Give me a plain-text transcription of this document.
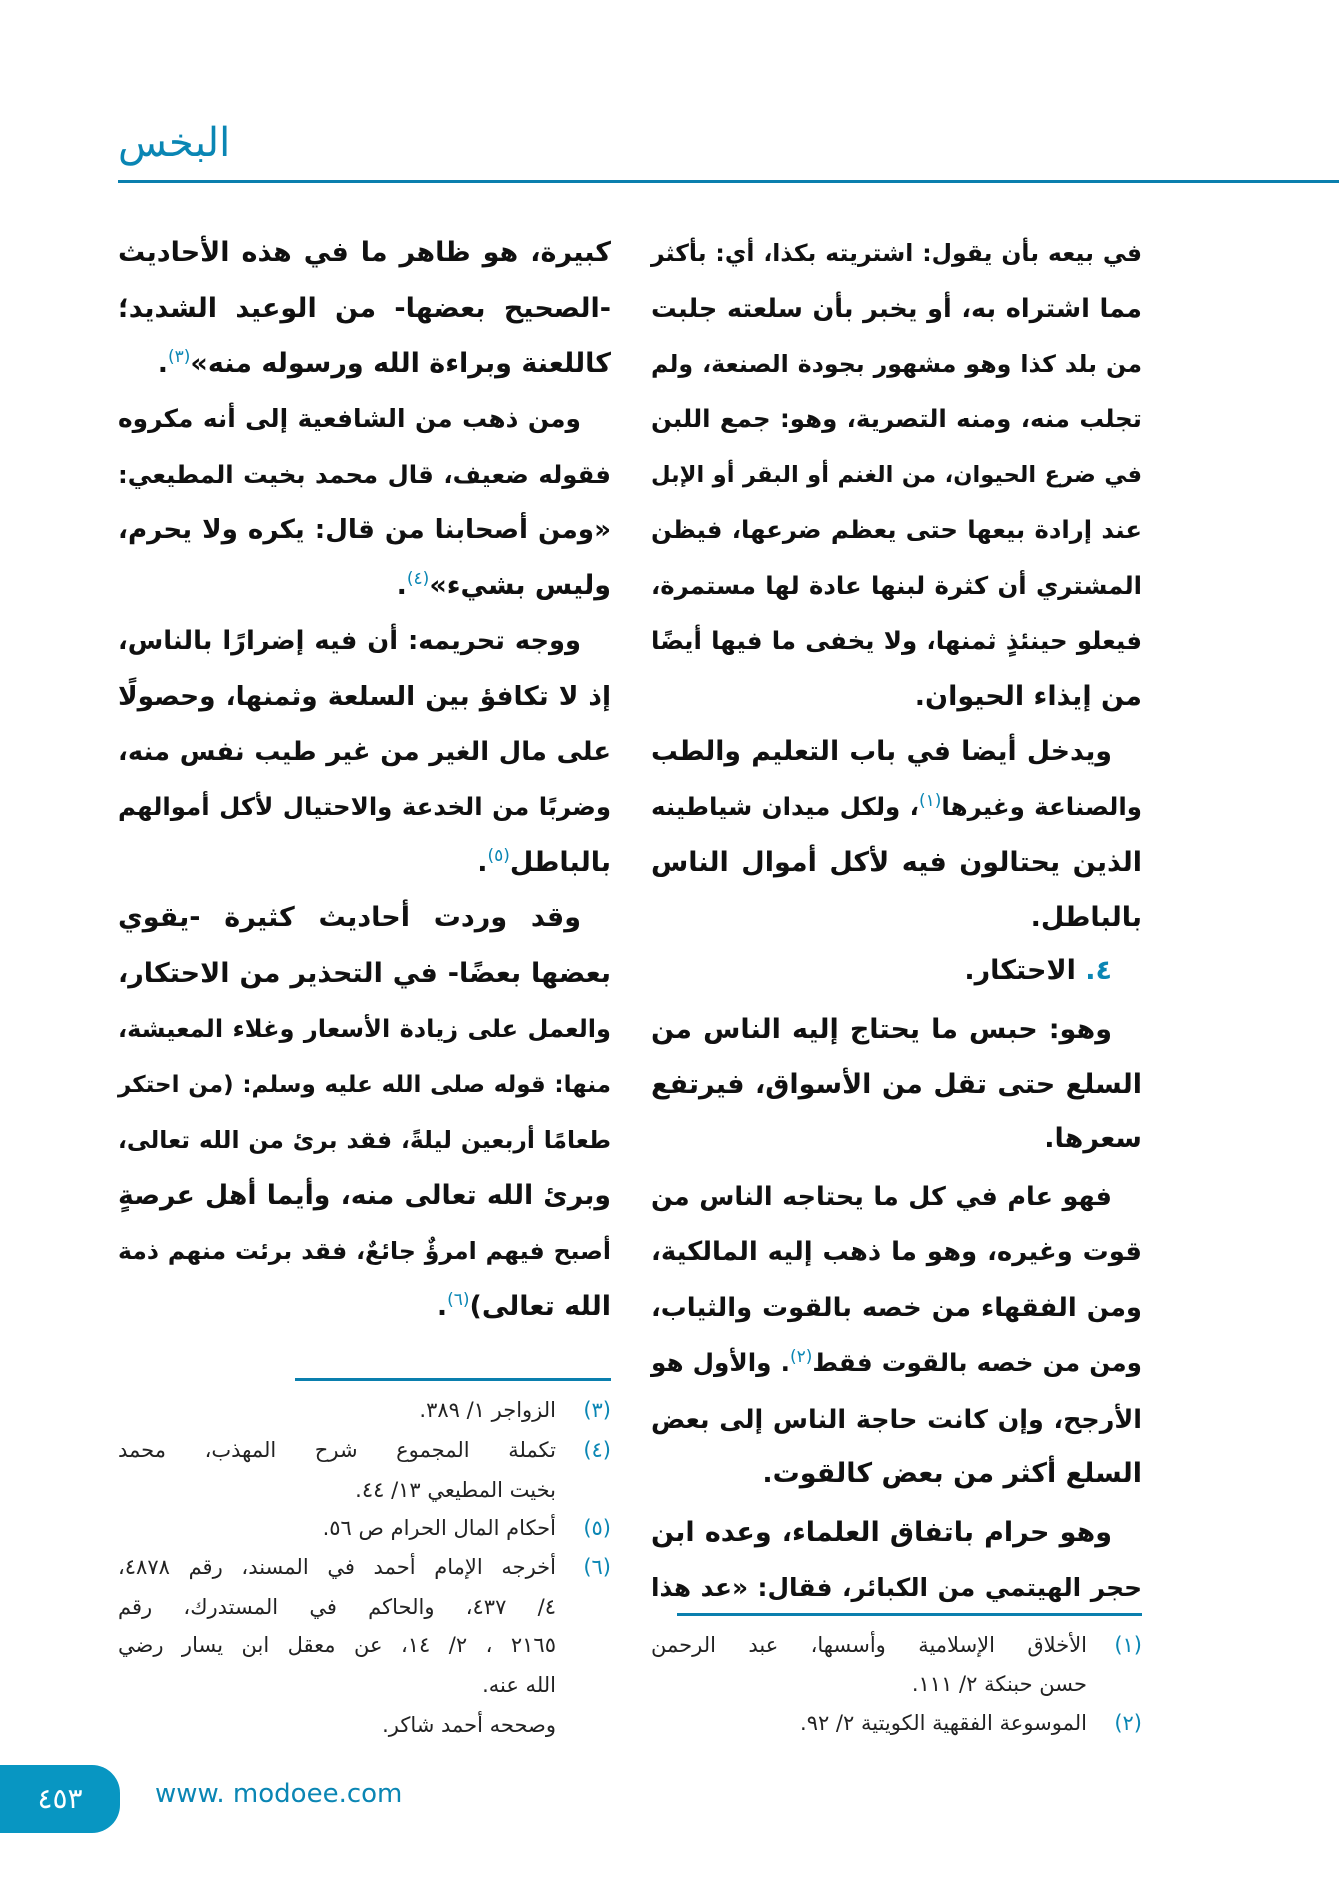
البخس
في بيعه بأن يقول: اشتريته بكذا، أي: بأكثر
مما اشتراه به، أو يخبر بأن سلعته جلبت
من بلد كذا وهو مشهور بجودة الصنعة، ولم
تجلب منه، ومنه التصرية، وهو: جمع اللبن
في ضرع الحيوان، من الغنم أو البقر أو الإبل
عند إرادة بيعها حتى يعظم ضرعها، فيظن
المشتري أن كثرة لبنها عادة لها مستمرة،
فيعلو حينئذٍ ثمنها، ولا يخفى ما فيها أيضًا
من إيذاء الحيوان.
ويدخل أيضا في باب التعليم والطب
والصناعة وغيرها$^{(١)}$، ولكل ميدان شياطينه
الذين يحتالون فيه لأكل أموال الناس
بالباطل.
٤. الاحتكار.
وهو: حبس ما يحتاج إليه الناس من
السلع حتى تقل من الأسواق، فيرتفع
سعرها.
فهو عام في كل ما يحتاجه الناس من
قوت وغيره، وهو ما ذهب إليه المالكية،
ومن الفقهاء من خصه بالقوت والثياب،
ومن من خصه بالقوت فقط$^{(٢)}$. والأول هو
الأرجح، وإن كانت حاجة الناس إلى بعض
السلع أكثر من بعض كالقوت.
وهو حرام باتفاق العلماء، وعده ابن
حجر الهيتمي من الكبائر، فقال: «عد هذا
(١)
الأخلاق الإسلامية وأسسها، عبد الرحمن
حسن حبنكة ٢/ ١١١.
(٢)
الموسوعة الفقهية الكويتية ٢/ ٩٢.
كبيرة، هو ظاهر ما في هذه الأحاديث
-الصحيح بعضها- من الوعيد الشديد؛
كاللعنة وبراءة الله ورسوله منه»$^{(٣)}$.
ومن ذهب من الشافعية إلى أنه مكروه
فقوله ضعيف، قال محمد بخيت المطيعي:
«ومن أصحابنا من قال: يكره ولا يحرم،
وليس بشيء»$^{(٤)}$.
ووجه تحريمه: أن فيه إضرارًا بالناس،
إذ لا تكافؤ بين السلعة وثمنها، وحصولًا
على مال الغير من غير طيب نفس منه،
وضربًا من الخدعة والاحتيال لأكل أموالهم
بالباطل$^{(٥)}$.
وقد وردت أحاديث كثيرة -يقوي
بعضها بعضًا- في التحذير من الاحتكار،
والعمل على زيادة الأسعار وغلاء المعيشة،
منها: قوله صلى الله عليه وسلم: (من احتكر
طعامًا أربعين ليلةً، فقد برئ من الله تعالى،
وبرئ الله تعالى منه، وأيما أهل عرصةٍ
أصبح فيهم امرؤٌ جائعٌ، فقد برئت منهم ذمة
الله تعالى)$^{(٦)}$.
(٣)
الزواجر ١/ ٣٨٩.
(٤)
تكملة المجموع شرح المهذب، محمد
بخيت المطيعي ١٣/ ٤٤.
(٥)
أحكام المال الحرام ص ٥٦.
(٦)
أخرجه الإمام أحمد في المسند، رقم ٤٨٧٨،
٤/ ٤٣٧، والحاكم في المستدرك، رقم
٢١٦٥ ، ٢/ ١٤، عن معقل ابن يسار رضي
الله عنه.
وصححه أحمد شاكر.
٤٥٣	www. modoee.com
